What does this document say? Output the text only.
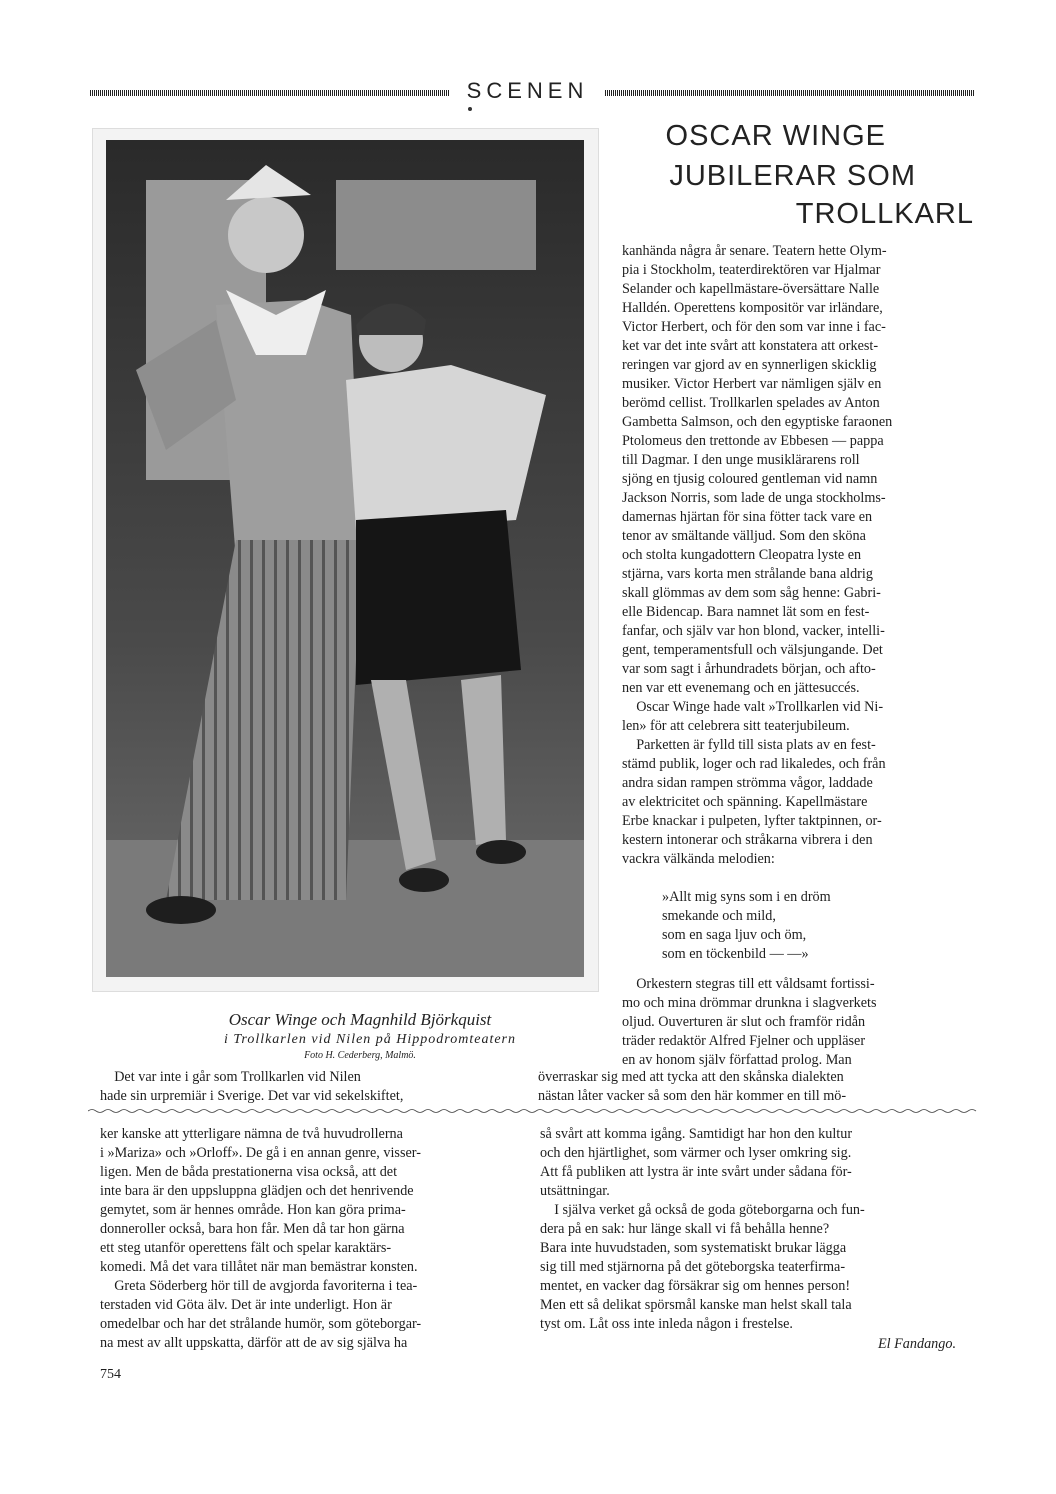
SCENEN
Oscar Winge och Magnhild Björkquist
i Trollkarlen vid Nilen på Hippodromteatern
Foto H. Cederberg, Malmö.
OSCAR WINGE
JUBILERAR SOM
TROLLKARL
kanhända några år senare. Teatern hette Olym-
pia i Stockholm, teaterdirektören var Hjalmar
Selander och kapellmästare-översättare Nalle
Halldén. Operettens kompositör var irländare,
Victor Herbert, och för den som var inne i fac-
ket var det inte svårt att konstatera att orkest-
reringen var gjord av en synnerligen skicklig
musiker. Victor Herbert var nämligen själv en
berömd cellist. Trollkarlen spelades av Anton
Gambetta Salmson, och den egyptiske faraonen
Ptolomeus den trettonde av Ebbesen — pappa
till Dagmar. I den unge musiklärarens roll
sjöng en tjusig coloured gentleman vid namn
Jackson Norris, som lade de unga stockholms-
damernas hjärtan för sina fötter tack vare en
tenor av smältande välljud. Som den sköna
och stolta kungadottern Cleopatra lyste en
stjärna, vars korta men strålande bana aldrig
skall glömmas av dem som såg henne: Gabri-
elle Bidencap. Bara namnet lät som en fest-
fanfar, och själv var hon blond, vacker, intelli-
gent, temperamentsfull och välsjungande. Det
var som sagt i århundradets början, och afto-
nen var ett evenemang och en jättesuccés.
Oscar Winge hade valt »Trollkarlen vid Ni-
len» för att celebrera sitt teaterjubileum.
Parketten är fylld till sista plats av en fest-
stämd publik, loger och rad likaledes, och från
andra sidan rampen strömma vågor, laddade
av elektricitet och spänning. Kapellmästare
Erbe knackar i pulpeten, lyfter taktpinnen, or-
kestern intonerar och stråkarna vibrera i den
vackra välkända melodien:
»Allt mig syns som i en dröm
smekande och mild,
som en saga ljuv och öm,
som en töckenbild — —»
Orkestern stegras till ett våldsamt fortissi-
mo och mina drömmar drunkna i slagverkets
oljud. Ouverturen är slut och framför ridån
träder redaktör Alfred Fjelner och uppläser
en av honom själv författad prolog. Man
Det var inte i går som Trollkarlen vid Nilen
hade sin urpremiär i Sverige. Det var vid sekelskiftet,
överraskar sig med att tycka att den skånska dialekten
nästan låter vacker så som den här kommer en till mö-
ker kanske att ytterligare nämna de två huvudrollerna
i »Mariza» och »Orloff». De gå i en annan genre, visser-
ligen. Men de båda prestationerna visa också, att det
inte bara är den uppsluppna glädjen och det henrivende
gemytet, som är hennes område. Hon kan göra prima-
donneroller också, bara hon får. Men då tar hon gärna
ett steg utanför operettens fält och spelar karaktärs-
komedi. Må det vara tillåtet när man bemästrar konsten.
Greta Söderberg hör till de avgjorda favoriterna i tea-
terstaden vid Göta älv. Det är inte underligt. Hon är
omedelbar och har det strålande humör, som göteborgar-
na mest av allt uppskatta, därför att de av sig själva ha
så svårt att komma igång. Samtidigt har hon den kultur
och den hjärtlighet, som värmer och lyser omkring sig.
Att få publiken att lystra är inte svårt under sådana för-
utsättningar.
I själva verket gå också de goda göteborgarna och fun-
dera på en sak: hur länge skall vi få behålla henne?
Bara inte huvudstaden, som systematiskt brukar lägga
sig till med stjärnorna på det göteborgska teaterfirma-
mentet, en vacker dag försäkrar sig om hennes person!
Men ett så delikat spörsmål kanske man helst skall tala
tyst om. Låt oss inte inleda någon i frestelse.
El Fandango.
754
